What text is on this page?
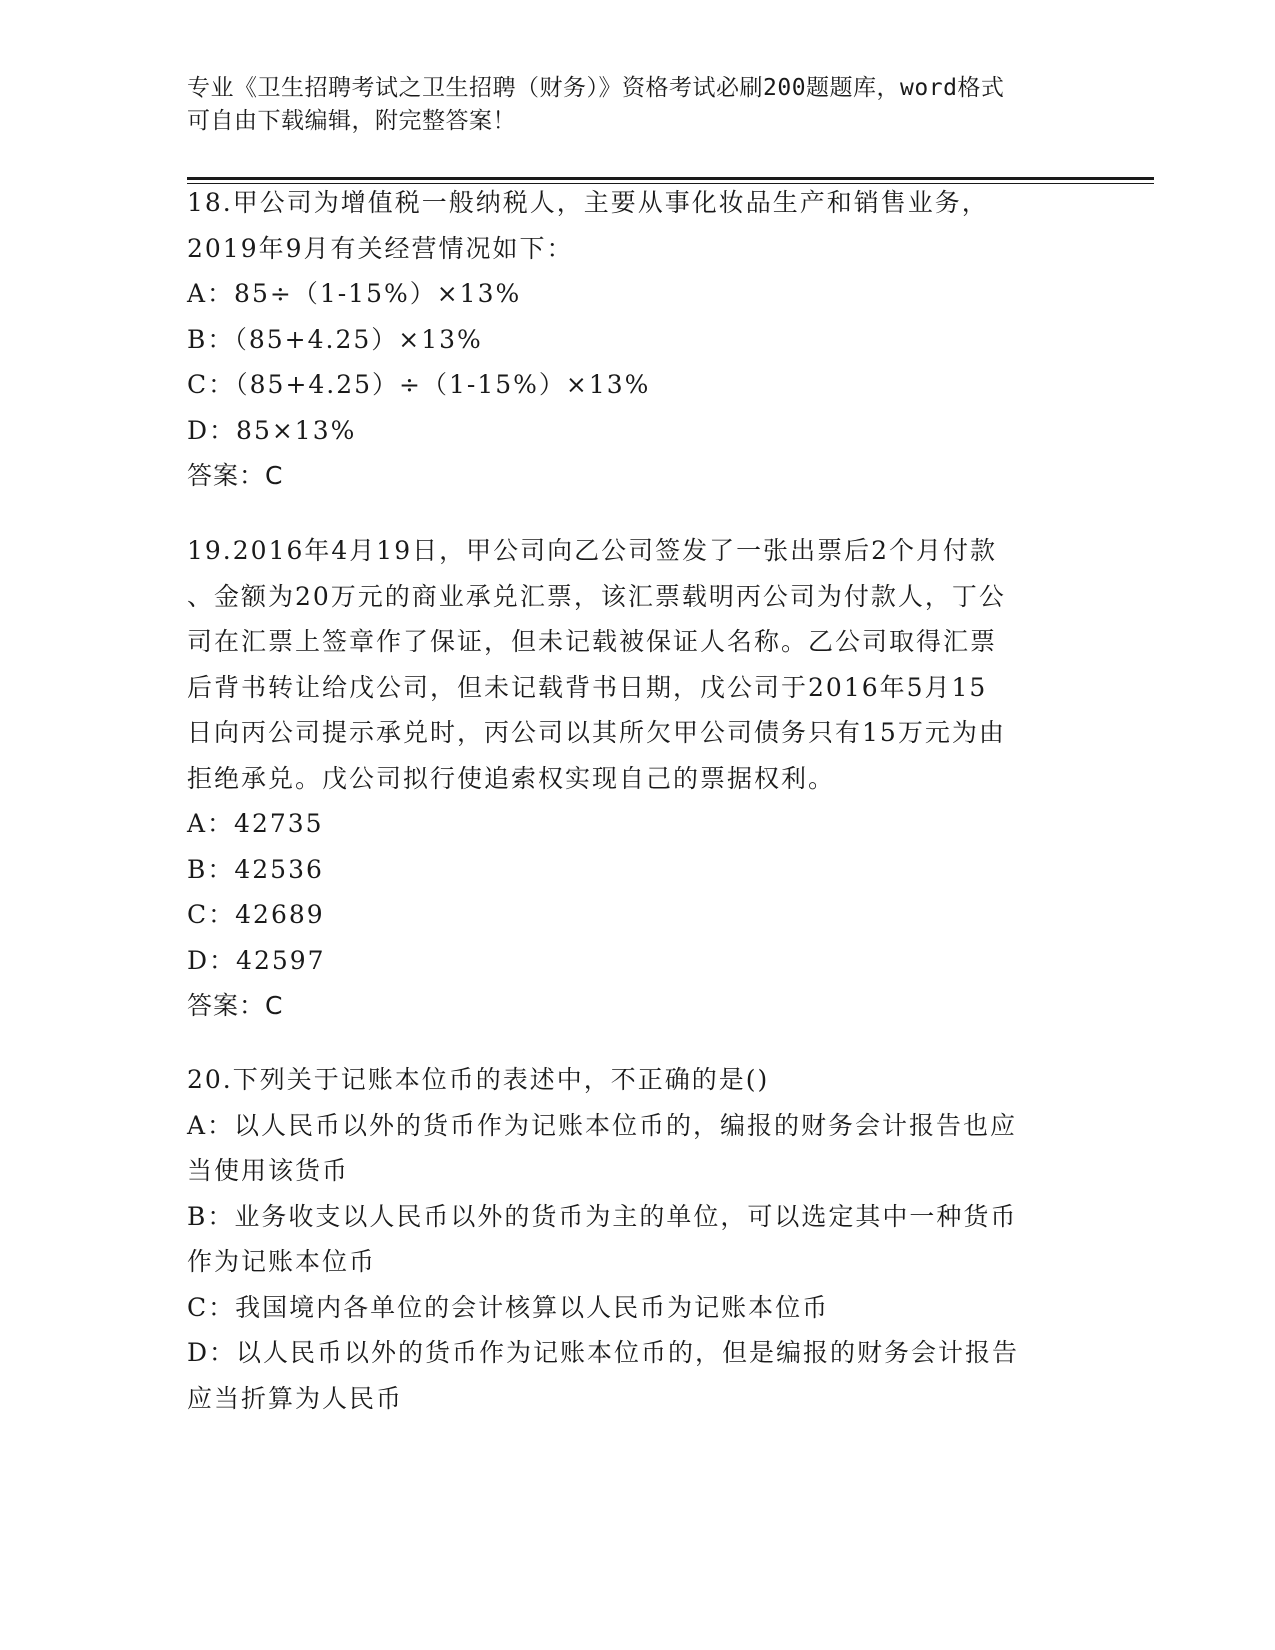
专业《卫生招聘考试之卫生招聘（财务）》资格考试必刷200题题库，word格式
可自由下载编辑，附完整答案！
18.甲公司为增值税一般纳税人，主要从事化妆品生产和销售业务，
2019年9月有关经营情况如下：
A：85÷（1-15%）×13%
B：（85+4.25）×13%
C：（85+4.25）÷（1-15%）×13%
D：85×13%
答案：C
19.2016年4月19日，甲公司向乙公司签发了一张出票后2个月付款
、金额为20万元的商业承兑汇票，该汇票载明丙公司为付款人，丁公
司在汇票上签章作了保证，但未记载被保证人名称。乙公司取得汇票
后背书转让给戊公司，但未记载背书日期，戊公司于2016年5月15
日向丙公司提示承兑时，丙公司以其所欠甲公司债务只有15万元为由
拒绝承兑。戊公司拟行使追索权实现自己的票据权利。
A：42735
B：42536
C：42689
D：42597
答案：C
20.下列关于记账本位币的表述中，不正确的是()
A：以人民币以外的货币作为记账本位币的，编报的财务会计报告也应
当使用该货币
B：业务收支以人民币以外的货币为主的单位，可以选定其中一种货币
作为记账本位币
C：我国境内各单位的会计核算以人民币为记账本位币
D：以人民币以外的货币作为记账本位币的，但是编报的财务会计报告
应当折算为人民币
